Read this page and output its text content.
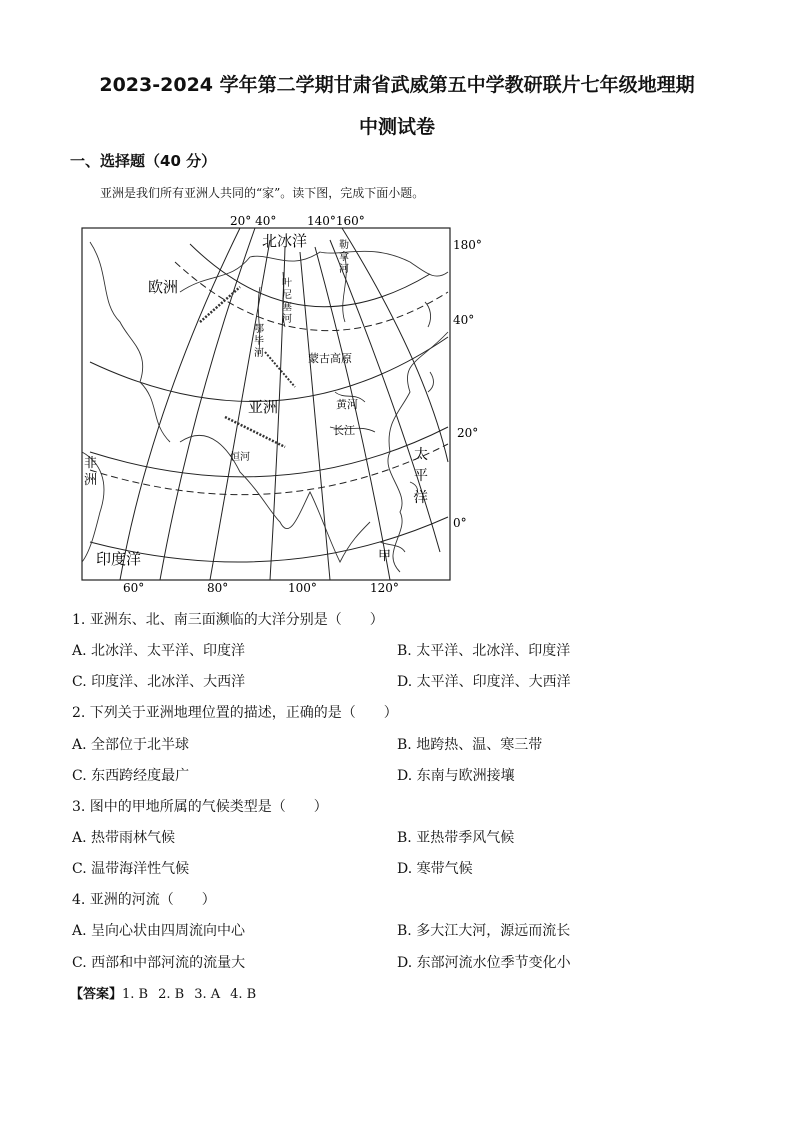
2023-2024 学年第二学期甘肃省武威第五中学教研联片七年级地理期
中测试卷
一、选择题（40 分）
亚洲是我们所有亚洲人共同的“家”。读下图，完成下面小题。
20° 40°	140°160°
180°
40°
20°
0°
60°	80°	100°	120°
北冰洋
欧洲
亚洲
印度洋
蒙古高原
黄河
长江
恒河
甲
太
平
洋
非
洲
叶
尼
塞
河
鄂
毕
河
勒
拿
河
1. 亚洲东、北、南三面濒临的大洋分别是（　　）
A. 北冰洋、太平洋、印度洋	B. 太平洋、北冰洋、印度洋
C. 印度洋、北冰洋、大西洋	D. 太平洋、印度洋、大西洋
2. 下列关于亚洲地理位置的描述，正确的是（　　）
A. 全部位于北半球	B. 地跨热、温、寒三带
C. 东西跨经度最广	D. 东南与欧洲接壤
3. 图中的甲地所属的气候类型是（　　）
A. 热带雨林气候	B. 亚热带季风气候
C. 温带海洋性气候	D. 寒带气候
4. 亚洲的河流（　　）
A. 呈向心状由四周流向中心	B. 多大江大河，源远而流长
C. 西部和中部河流的流量大	D. 东部河流水位季节变化小
【答案】1. B 2. B 3. A 4. B
